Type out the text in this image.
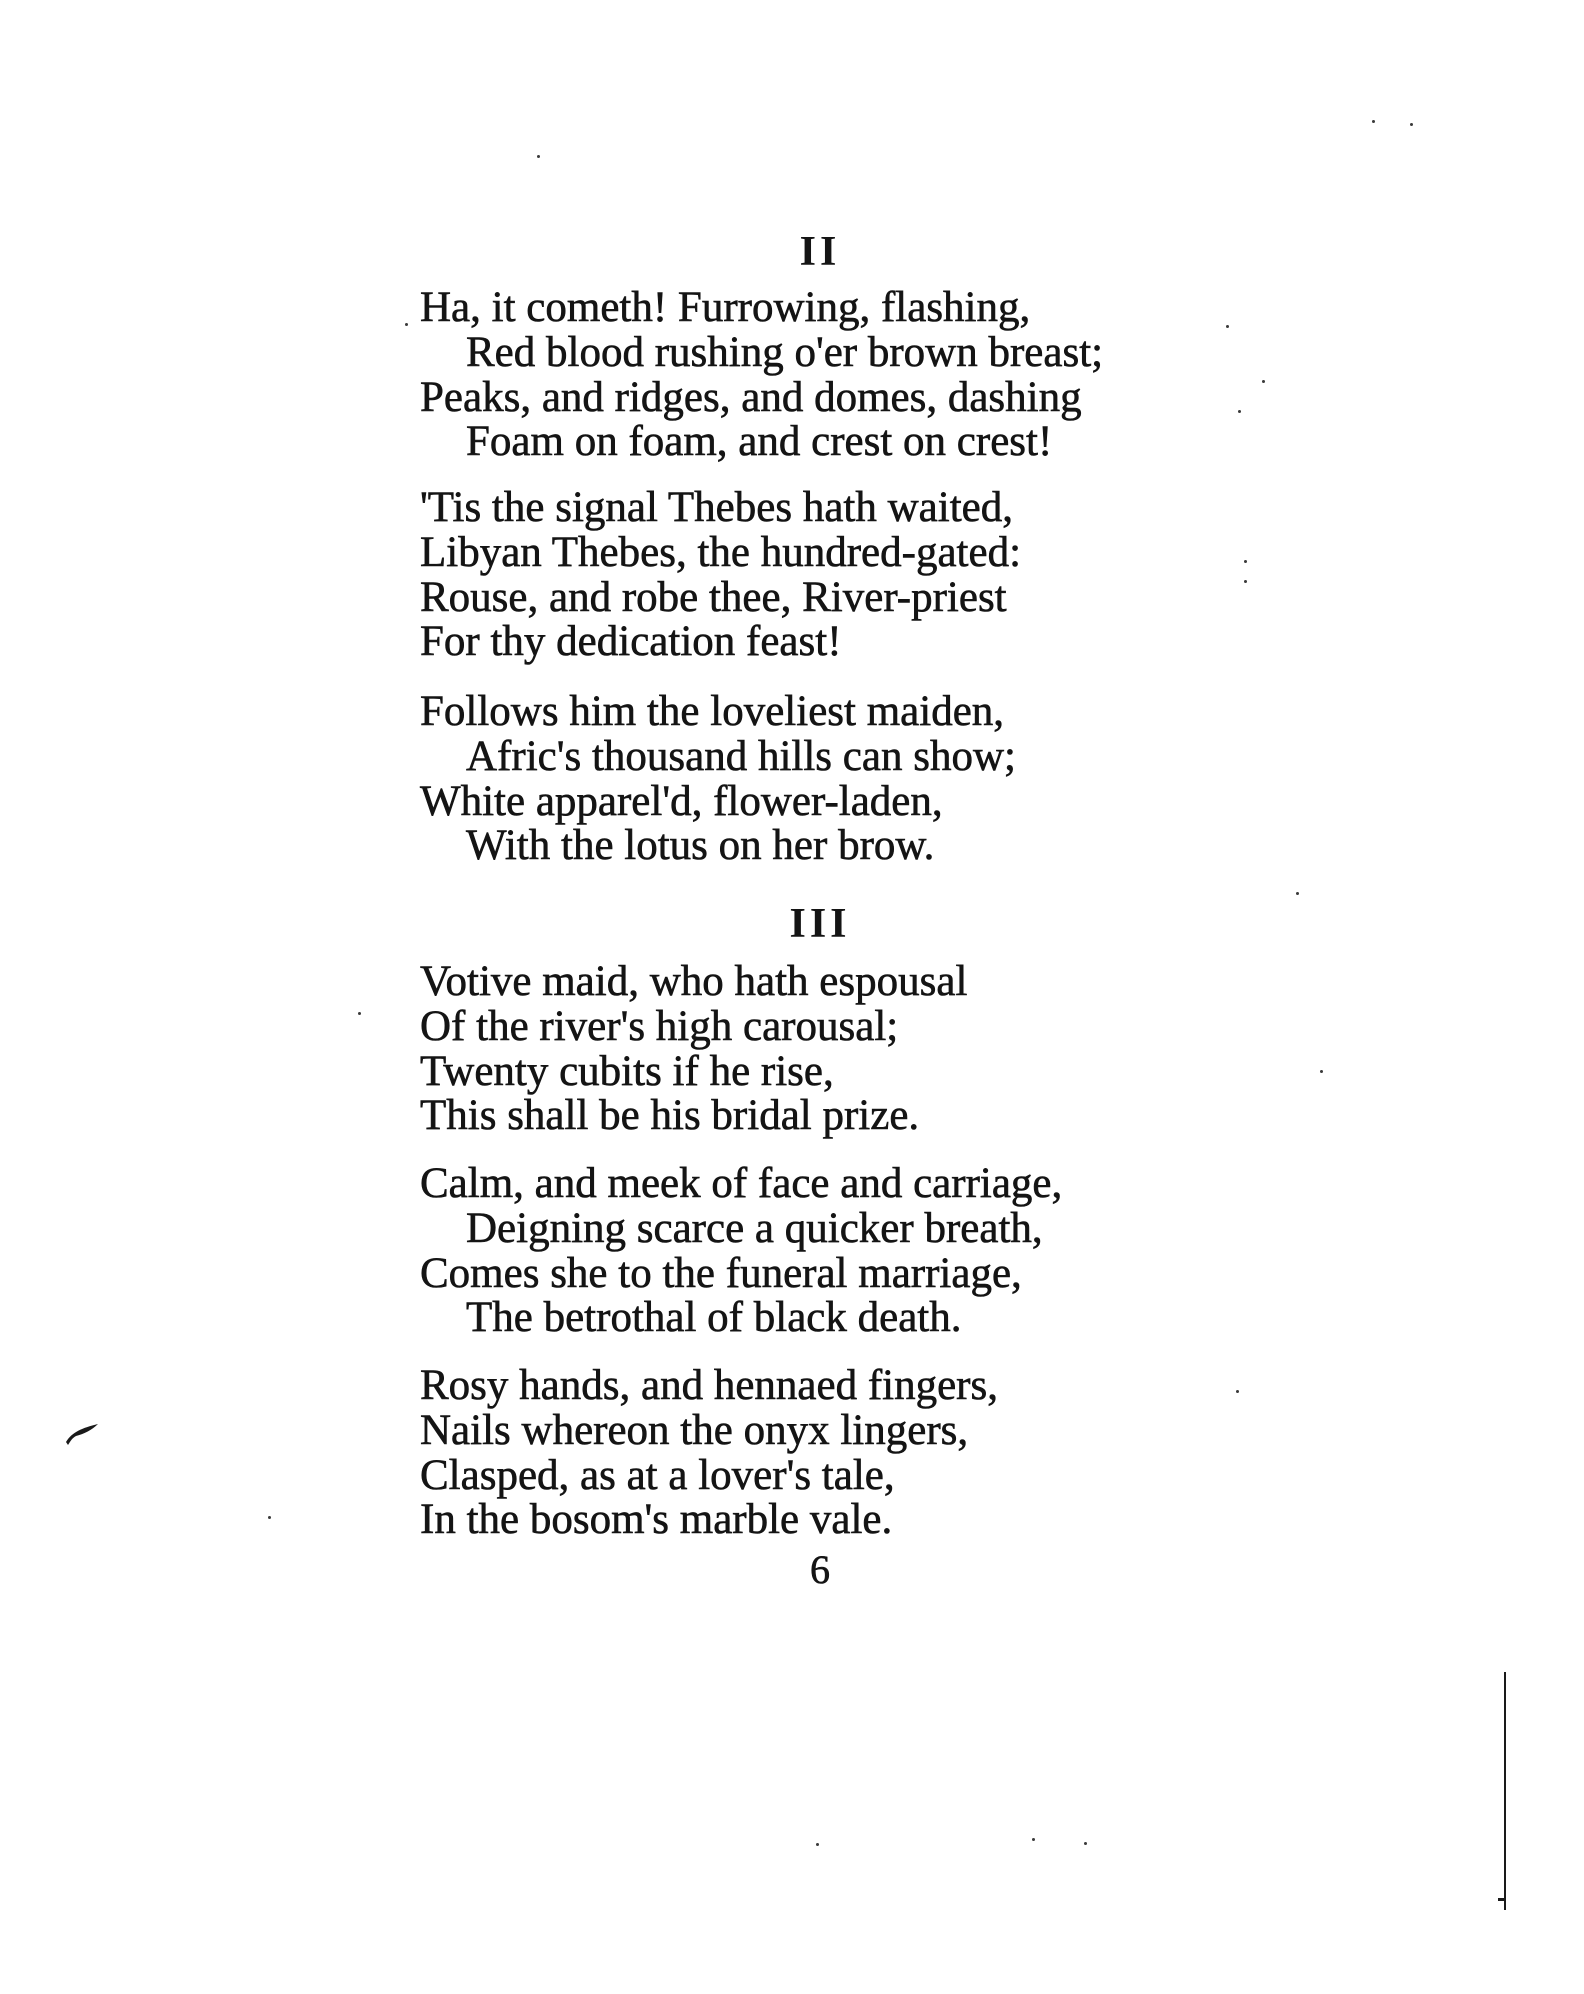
II
Ha, it cometh! Furrowing, flashing,
Red blood rushing o'er brown breast;
Peaks, and ridges, and domes, dashing
Foam on foam, and crest on crest!
'Tis the signal Thebes hath waited,
Libyan Thebes, the hundred-gated:
Rouse, and robe thee, River-priest
For thy dedication feast!
Follows him the loveliest maiden,
Afric's thousand hills can show;
White apparel'd, flower-laden,
With the lotus on her brow.
III
Votive maid, who hath espousal
Of the river's high carousal;
Twenty cubits if he rise,
This shall be his bridal prize.
Calm, and meek of face and carriage,
Deigning scarce a quicker breath,
Comes she to the funeral marriage,
The betrothal of black death.
Rosy hands, and hennaed fingers,
Nails whereon the onyx lingers,
Clasped, as at a lover's tale,
In the bosom's marble vale.
6
